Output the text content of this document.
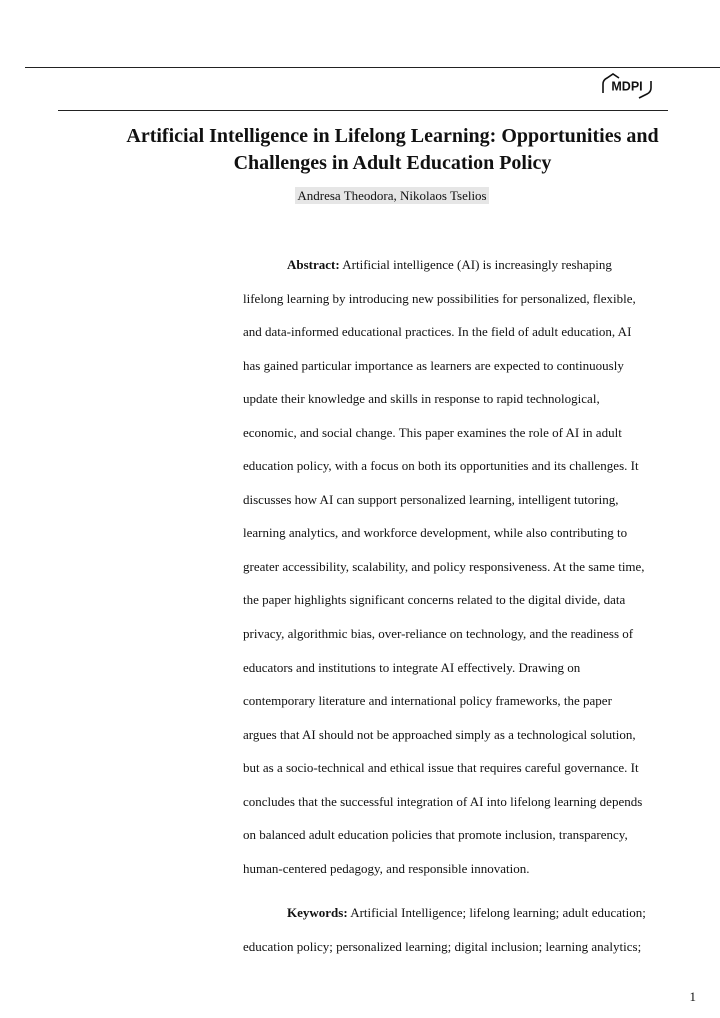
MDPI
Artificial Intelligence in Lifelong Learning: Opportunities and
Challenges in Adult Education Policy
Andresa Theodora, Nikolaos Tselios
Abstract: Artificial intelligence (AI) is increasingly reshaping
lifelong learning by introducing new possibilities for personalized, flexible,
and data-informed educational practices. In the field of adult education, AI
has gained particular importance as learners are expected to continuously
update their knowledge and skills in response to rapid technological,
economic, and social change. This paper examines the role of AI in adult
education policy, with a focus on both its opportunities and its challenges. It
discusses how AI can support personalized learning, intelligent tutoring,
learning analytics, and workforce development, while also contributing to
greater accessibility, scalability, and policy responsiveness. At the same time,
the paper highlights significant concerns related to the digital divide, data
privacy, algorithmic bias, over-reliance on technology, and the readiness of
educators and institutions to integrate AI effectively. Drawing on
contemporary literature and international policy frameworks, the paper
argues that AI should not be approached simply as a technological solution,
but as a socio-technical and ethical issue that requires careful governance. It
concludes that the successful integration of AI into lifelong learning depends
on balanced adult education policies that promote inclusion, transparency,
human-centered pedagogy, and responsible innovation.
Keywords: Artificial Intelligence; lifelong learning; adult education;
education policy; personalized learning; digital inclusion; learning analytics;
1
